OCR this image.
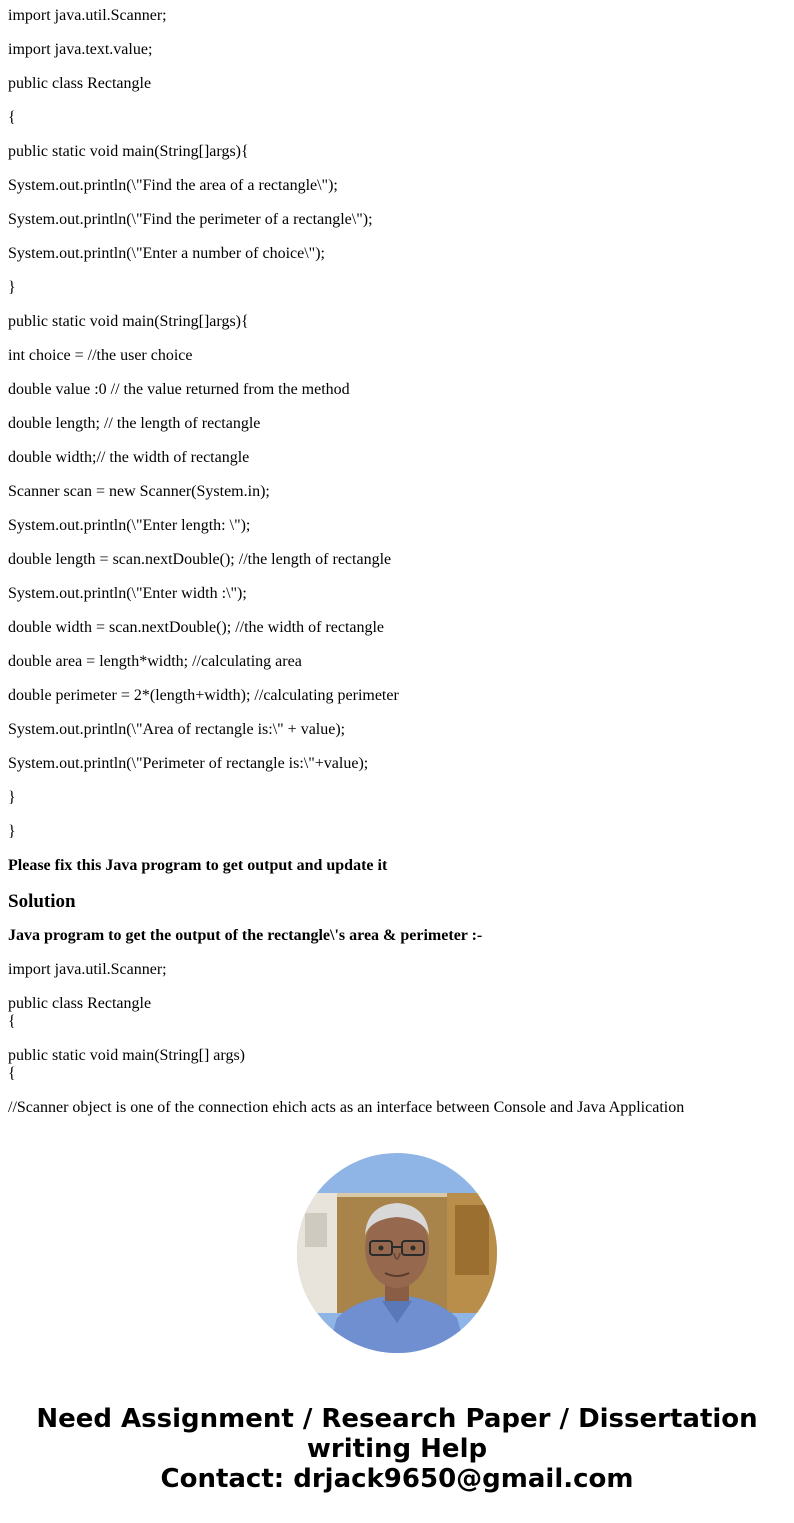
import java.util.Scanner;
import java.text.value;
public class Rectangle
{
public static void main(String[]args){
System.out.println(\"Find the area of a rectangle\");
System.out.println(\"Find the perimeter of a rectangle\");
System.out.println(\"Enter a number of choice\");
}
public static void main(String[]args){
int choice = //the user choice
double value :0 // the value returned from the method
double length; // the length of rectangle
double width;// the width of rectangle
Scanner scan = new Scanner(System.in);
System.out.println(\"Enter length: \");
double length = scan.nextDouble(); //the length of rectangle
System.out.println(\"Enter width :\");
double width = scan.nextDouble(); //the width of rectangle
double area = length*width; //calculating area
double perimeter = 2*(length+width); //calculating perimeter
System.out.println(\"Area of rectangle is:\" + value);
System.out.println(\"Perimeter of rectangle is:\"+value);
}
}
Please fix this Java program to get output and update it
Solution
Java program to get the output of the rectangle\'s area & perimeter :-
import java.util.Scanner;
public class Rectangle
{
public static void main(String[] args)
{
//Scanner object is one of the connection ehich acts as an interface between Console and Java Application
Need Assignment / Research Paper / Dissertation
writing Help
Contact: drjack9650@gmail.com
